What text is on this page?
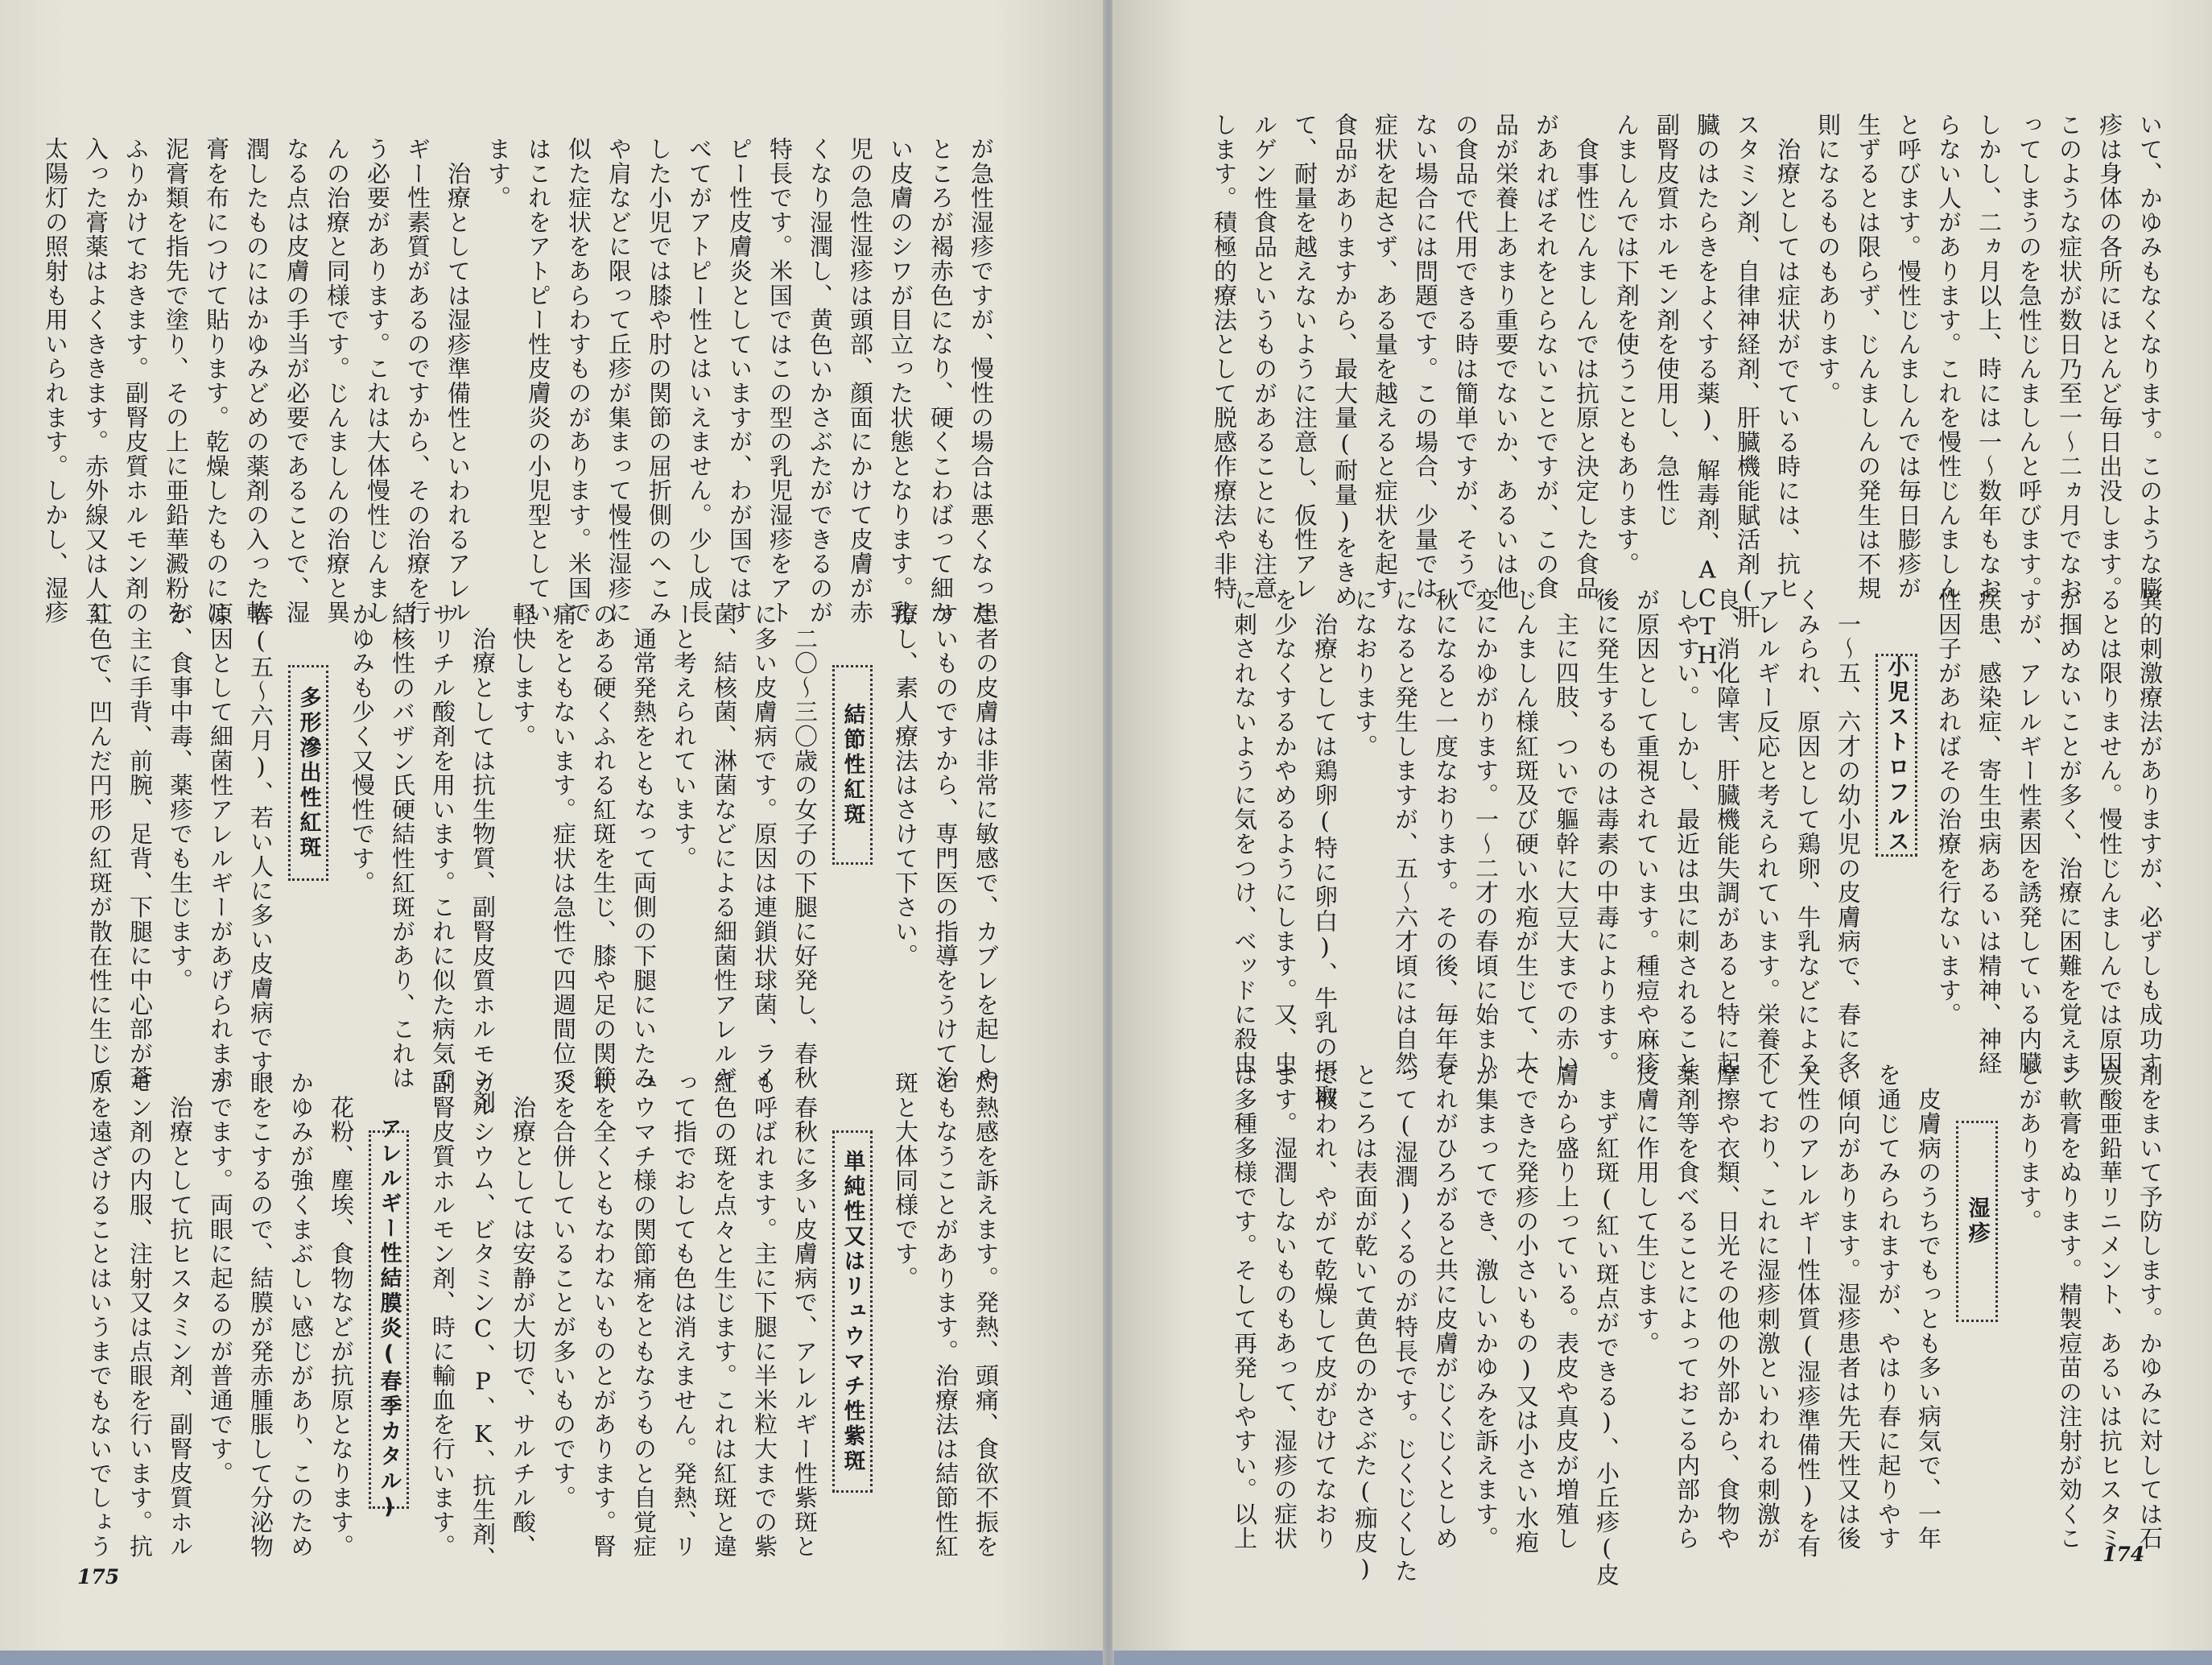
が急性湿疹ですが、慢性の場合は悪くなった
ところが褐赤色になり、硬くこわばって細か
い皮膚のシワが目立った状態となります。乳
児の急性湿疹は頭部、顔面にかけて皮膚が赤
くなり湿潤し、黄色いかさぶたができるのが
特長です。米国ではこの型の乳児湿疹をアト
ピー性皮膚炎としていますが、わが国ではす
べてがアトピー性とはいえません。少し成長
した小児では膝や肘の関節の屈折側のへこみ
や肩などに限って丘疹が集まって慢性湿疹に
似た症状をあらわすものがあります。米国で
はこれをアトピー性皮膚炎の小児型としてい
ます。
　治療としては湿疹準備性といわれるアレル
ギー性素質があるのですから、その治療を行
う必要があります。これは大体慢性じんまし
んの治療と同様です。じんましんの治療と異
なる点は皮膚の手当が必要であることで、湿
潤したものにはかゆみどめの薬剤の入った軟
膏を布につけて貼ります。乾燥したものには
泥膏類を指先で塗り、その上に亜鉛華澱粉を
ふりかけておきます。副腎皮質ホルモン剤の
入った膏薬はよくききます。赤外線又は人工
太陽灯の照射も用いられます。しかし、湿疹
患者の皮膚は非常に敏感で、カブレを起しや
すいものですから、専門医の指導をうけて治
療し、素人療法はさけて下さい。
結節性紅斑
　二〇～三〇歳の女子の下腿に好発し、春秋
に多い皮膚病です。原因は連鎖状球菌、ライ
菌、結核菌、淋菌などによる細菌性アレルギ
ーと考えられています。
　通常発熱をともなって両側の下腿にいたみ
のある硬くふれる紅斑を生じ、膝や足の関節
痛をともないます。症状は急性で四週間位で
軽快します。
　治療としては抗生物質、副腎皮質ホルモン剤
サリチル酸剤を用います。これに似た病気で
結核性のバザン氏硬結性紅斑があり、これは
かゆみも少く又慢性です。
多形滲出性紅斑
春(五～六月)、若い人に多い皮膚病です。
原因として細菌性アレルギーがあげられます
が、食事中毒、薬疹でも生じます。
　主に手背、前腕、足背、下腿に中心部が蒼
紅色で、凹んだ円形の紅斑が散在性に生じて
灼熱感を訴えます。発熱、頭痛、食欲不振を
ともなうことがあります。治療法は結節性紅
斑と大体同様です。
単純性又はリュウマチ性紫斑
　春秋に多い皮膚病で、アレルギー性紫斑と
も呼ばれます。主に下腿に半米粒大までの紫
紅色の斑を点々と生じます。これは紅斑と違
って指でおしても色は消えません。発熱、リ
ュウマチ様の関節痛をともなうものと自覚症
状を全くともなわないものとがあります。腎
炎を合併していることが多いものです。
　治療としては安静が大切で、サルチル酸、
カルシウム、ビタミンC、P、K、抗生剤、
副腎皮質ホルモン剤、時に輸血を行います。
アレルギー性結膜炎(春季カタル)
　花粉、塵埃、食物などが抗原となります。
かゆみが強くまぶしい感じがあり、このため
眼をこするので、結膜が発赤腫脹して分泌物
がでます。両眼に起るのが普通です。
　治療として抗ヒスタミン剤、副腎皮質ホル
モン剤の内服、注射又は点眼を行います。抗
原を遠ざけることはいうまでもないでしょう
175
いて、かゆみもなくなります。このような膨
疹は身体の各所にほとんど毎日出没します。
このような症状が数日乃至一～二ヵ月でなお
ってしまうのを急性じんましんと呼びます。
しかし、二ヵ月以上、時には一～数年もなお
らない人があります。これを慢性じんましん
と呼びます。慢性じんましんでは毎日膨疹が
生ずるとは限らず、じんましんの発生は不規
則になるものもあります。
　治療としては症状がでている時には、抗ヒ
スタミン剤、自律神経剤、肝臓機能賦活剤(肝
臓のはたらきをよくする薬)、解毒剤、ACTH、
副腎皮質ホルモン剤を使用し、急性じ
んましんでは下剤を使うこともあります。
　食事性じんましんでは抗原と決定した食品
があればそれをとらないことですが、この食
品が栄養上あまり重要でないか、あるいは他
の食品で代用できる時は簡単ですが、そうで
ない場合には問題です。この場合、少量では
症状を起さず、ある量を越えると症状を起す
食品がありますから、最大量(耐量)をきめ
て、耐量を越えないように注意し、仮性アレ
ルゲン性食品というものがあることにも注意
します。積極的療法として脱感作療法や非特
異的刺激療法がありますが、必ずしも成功す
るとは限りません。慢性じんましんでは原因
が掴めないことが多く、治療に困難を覚えま
すが、アレルギー性素因を誘発している内臓
疾患、感染症、寄生虫病あるいは精神、神経
性因子があればその治療を行ないます。
小児ストロフルス
　一～五、六才の幼小児の皮膚病で、春に多
くみられ、原因として鶏卵、牛乳などによる
アレルギー反応と考えられています。栄養不
良、消化障害、肝臓機能失調があると特に起
しやすい。しかし、最近は虫に刺されること
が原因として重視されています。種痘や麻疹
後に発生するものは毒素の中毒によります。
　主に四肢、ついで軀幹に大豆大までの赤い
じんましん様紅斑及び硬い水疱が生じて、大
変にかゆがります。一～二才の春頃に始まり
秋になると一度なおります。その後、毎年春
になると発生しますが、五～六才頃には自然
になおります。
　治療としては鶏卵(特に卵白)、牛乳の摂取
を少なくするかやめるようにします。又、虫
に刺されないように気をつけ、ベッドに殺虫
剤をまいて予防します。かゆみに対しては石
炭酸亜鉛華リニメント、あるいは抗ヒスタミ
ン軟膏をぬります。精製痘苗の注射が効くこ
とがあります。
湿疹
　皮膚病のうちでもっとも多い病気で、一年
を通じてみられますが、やはり春に起りやす
い傾向があります。湿疹患者は先天性又は後
天性のアレルギー性体質(湿疹準備性)を有
しており、これに湿疹刺激といわれる刺激が
摩擦や衣類、日光その他の外部から、食物や
薬剤等を食べることによっておこる内部から
皮膚に作用して生じます。
　まず紅斑(紅い斑点ができる)、小丘疹(皮
膚から盛り上っている。表皮や真皮が増殖し
てできた発疹の小さいもの)又は小さい水疱
が集まってでき、激しいかゆみを訴えます。
それがひろがると共に皮膚がじくじくとしめ
って(湿潤)くるのが特長です。じくじくした
ところは表面が乾いて黄色のかさぶた(痂皮)
で被われ、やがて乾燥して皮がむけてなおり
ます。湿潤しないものもあって、湿疹の症状
は多種多様です。そして再発しやすい。以上
174
